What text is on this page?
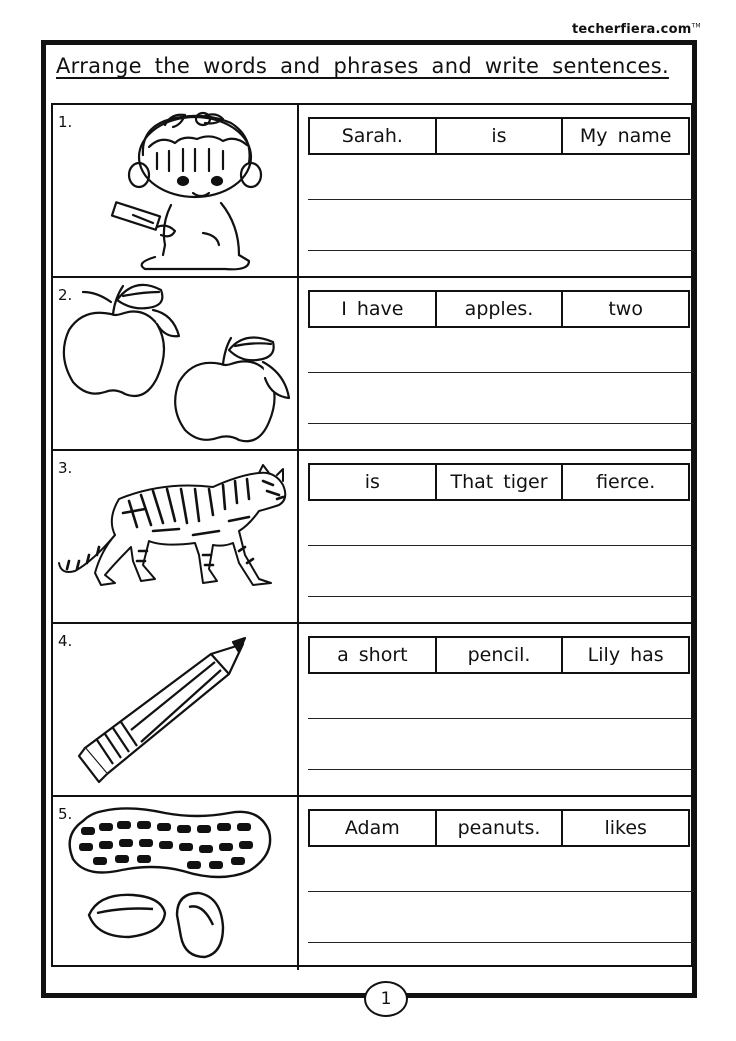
techerfiera.com™
Arrange the words and phrases and write sentences.
1.
Sarah.	is	My name
2.
I have	apples.	two
3.
is	That tiger	fierce.
4.
a short	pencil.	Lily has
5.
Adam	peanuts.	likes
1
